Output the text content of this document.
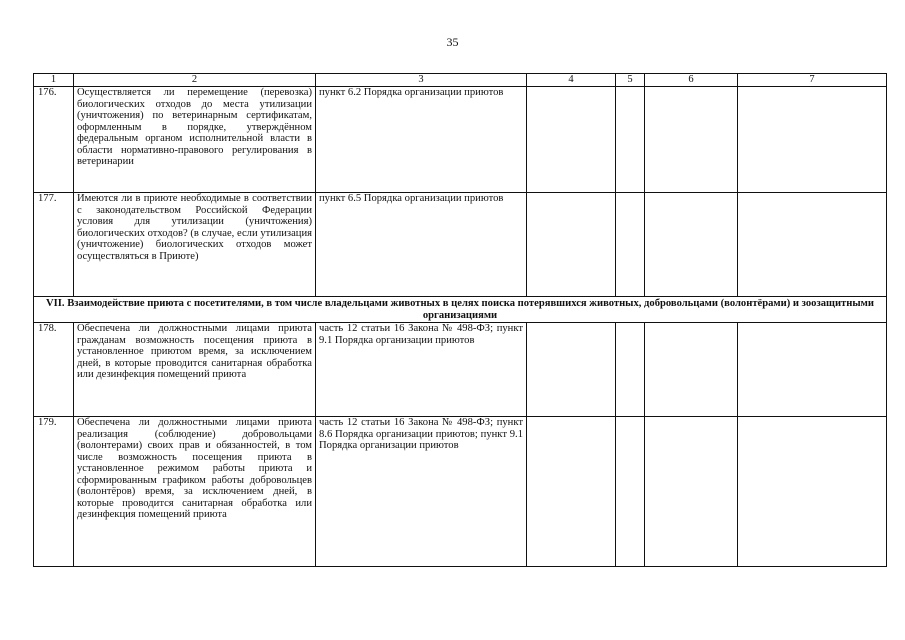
35
1	2	3	4	5	6	7
176.	Осуществляется ли перемещение (перевозка) биологических отходов до места утилизации (уничтожения) по ветеринарным сертификатам, оформленным в порядке, утверждённом федеральным органом исполнительной власти в области нормативно-правового регулирования в ветеринарии	пункт 6.2 Порядка организации приютов				
177.	Имеются ли в приюте необходимые в соответствии с законодательством Российской Федерации условия для утилизации (уничтожения) биологических отходов? (в случае, если утилизация (уничтожение) биологических отходов может осуществляться в Приюте)	пункт 6.5 Порядка организации приютов				
VII. Взаимодействие приюта с посетителями, в том числе владельцами животных в целях поиска потерявшихся животных, добровольцами (волонтёрами) и зоозащитными организациями						
178.	Обеспечена ли должностными лицами приюта гражданам возможность посещения приюта в установленное приютом время, за исключением дней, в которые проводится санитарная обработка или дезинфекция помещений приюта	часть 12 статьи 16 Закона № 498-ФЗ; пункт 9.1 Порядка организации приютов				
179.	Обеспечена ли должностными лицами приюта реализация (соблюдение) добровольцами (волонтерами) своих прав и обязанностей, в том числе возможность посещения приюта в установленное режимом работы приюта и сформированным графиком работы добровольцев (волонтёров) время, за исключением дней, в которые проводится санитарная обработка или дезинфекция помещений приюта	часть 12 статьи 16 Закона № 498-ФЗ; пункт 8.6 Порядка организации приютов; пункт 9.1 Порядка организации приютов				
